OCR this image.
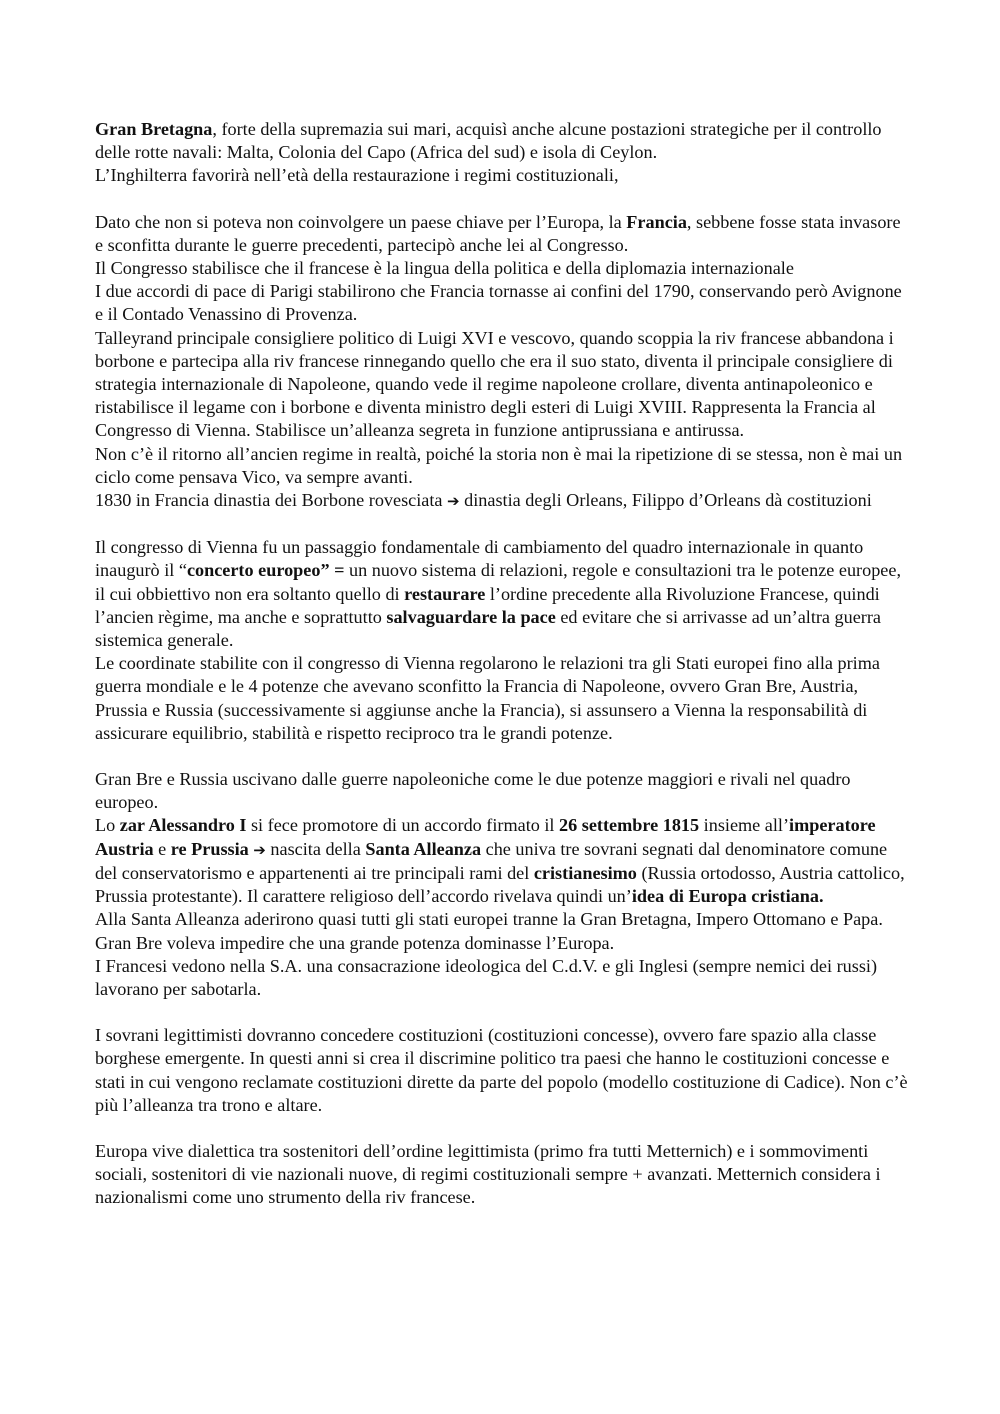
Gran Bretagna, forte della supremazia sui mari, acquisì anche alcune postazioni strategiche per il controllo delle rotte navali: Malta, Colonia del Capo (Africa del sud) e isola di Ceylon.

L’Inghilterra favorirà nell’età della restaurazione i regimi costituzionali,

Dato che non si poteva non coinvolgere un paese chiave per l’Europa, la Francia, sebbene fosse stata invasore e sconfitta durante le guerre precedenti, partecipò anche lei al Congresso.

Il Congresso stabilisce che il francese è la lingua della politica e della diplomazia internazionale

I due accordi di pace di Parigi stabilirono che Francia tornasse ai confini del 1790, conservando però Avignone e il Contado Venassino di Provenza.

Talleyrand principale consigliere politico di Luigi XVI e vescovo, quando scoppia la riv francese abbandona i borbone e partecipa alla riv francese rinnegando quello che era il suo stato, diventa il principale consigliere di strategia internazionale di Napoleone, quando vede il regime napoleone crollare, diventa antinapoleonico e ristabilisce il legame con i borbone e diventa ministro degli esteri di Luigi XVIII. Rappresenta la Francia al Congresso di Vienna. Stabilisce un’alleanza segreta in funzione antiprussiana e antirussa.

Non c’è il ritorno all’ancien regime in realtà, poiché la storia non è mai la ripetizione di se stessa, non è mai un ciclo come pensava Vico, va sempre avanti.

1830 in Francia dinastia dei Borbone rovesciata ➔ dinastia degli Orleans, Filippo d’Orleans dà costituzioni

Il congresso di Vienna fu un passaggio fondamentale di cambiamento del quadro internazionale in quanto inaugurò il “concerto europeo” = un nuovo sistema di relazioni, regole e consultazioni tra le potenze europee, il cui obbiettivo non era soltanto quello di restaurare l’ordine precedente alla Rivoluzione Francese, quindi l’ancien règime, ma anche e soprattutto salvaguardare la pace ed evitare che si arrivasse ad un’altra guerra sistemica generale.

Le coordinate stabilite con il congresso di Vienna regolarono le relazioni tra gli Stati europei fino alla prima guerra mondiale e le 4 potenze che avevano sconfitto la Francia di Napoleone, ovvero Gran Bre, Austria, Prussia e Russia (successivamente si aggiunse anche la Francia), si assunsero a Vienna la responsabilità di assicurare equilibrio, stabilità e rispetto reciproco tra le grandi potenze.

Gran Bre e Russia uscivano dalle guerre napoleoniche come le due potenze maggiori e rivali nel quadro europeo.

Lo zar Alessandro I si fece promotore di un accordo firmato il 26 settembre 1815 insieme all’imperatore Austria e re Prussia ➔ nascita della Santa Alleanza che univa tre sovrani segnati dal denominatore comune del conservatorismo e appartenenti ai tre principali rami del cristianesimo (Russia ortodosso, Austria cattolico, Prussia protestante). Il carattere religioso dell’accordo rivelava quindi un’idea di Europa cristiana.

Alla Santa Alleanza aderirono quasi tutti gli stati europei tranne la Gran Bretagna, Impero Ottomano e Papa. Gran Bre voleva impedire che una grande potenza dominasse l’Europa.

I Francesi vedono nella S.A. una consacrazione ideologica del C.d.V. e gli Inglesi (sempre nemici dei russi) lavorano per sabotarla.

I sovrani legittimisti dovranno concedere costituzioni (costituzioni concesse), ovvero fare spazio alla classe borghese emergente. In questi anni si crea il discrimine politico tra paesi che hanno le costituzioni concesse e stati in cui vengono reclamate costituzioni dirette da parte del popolo (modello costituzione di Cadice). Non c’è più l’alleanza tra trono e altare.

Europa vive dialettica tra sostenitori dell’ordine legittimista (primo fra tutti Metternich) e i sommovimenti sociali, sostenitori di vie nazionali nuove, di regimi costituzionali sempre + avanzati. Metternich considera i nazionalismi come uno strumento della riv francese.
